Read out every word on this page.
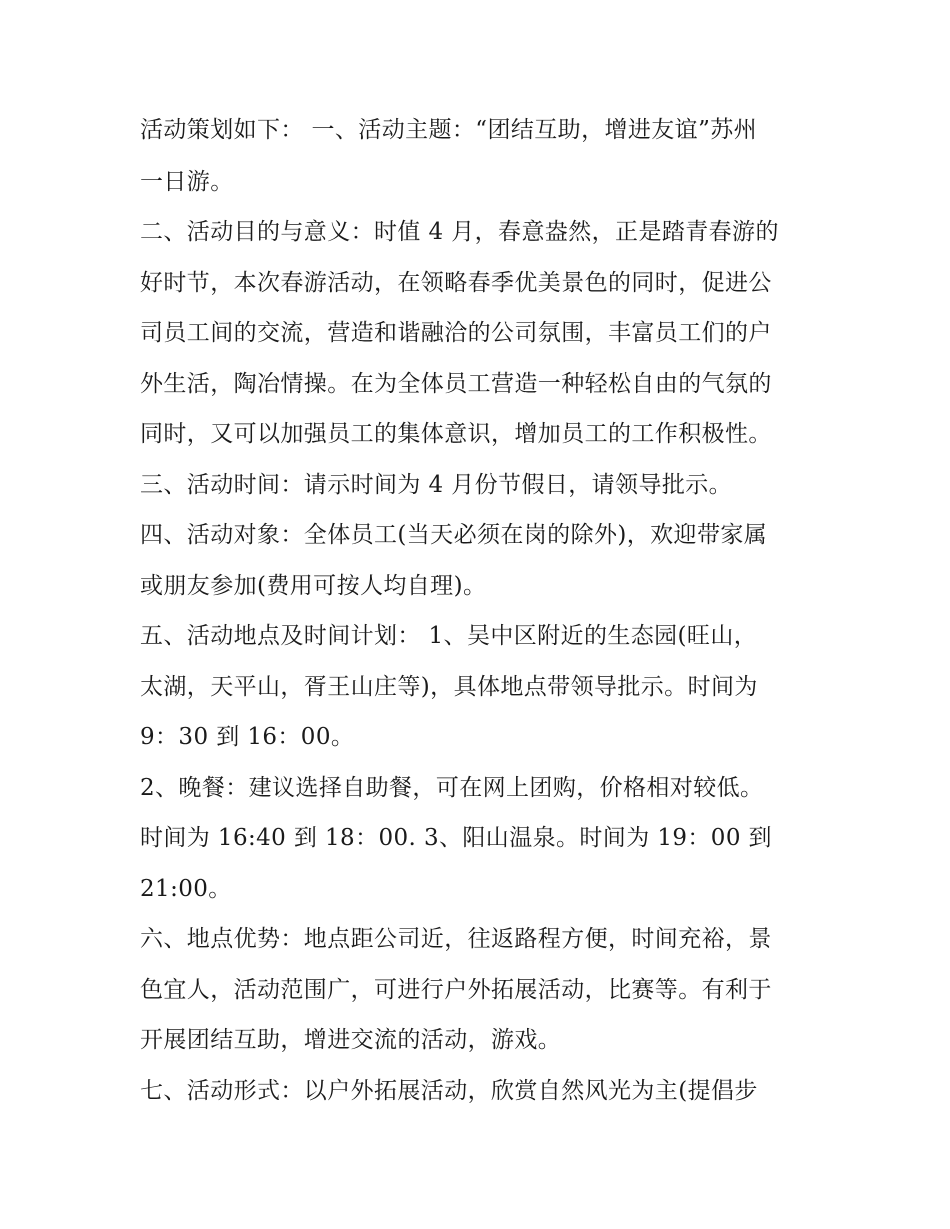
活动策划如下： 一、活动主题：“团结互助，增进友谊”苏州
一日游。
二、活动目的与意义：时值 4 月，春意盎然，正是踏青春游的
好时节，本次春游活动，在领略春季优美景色的同时，促进公
司员工间的交流，营造和谐融洽的公司氛围，丰富员工们的户
外生活，陶冶情操。在为全体员工营造一种轻松自由的气氛的
同时，又可以加强员工的集体意识，增加员工的工作积极性。
三、活动时间：请示时间为 4 月份节假日，请领导批示。
四、活动对象：全体员工(当天必须在岗的除外)，欢迎带家属
或朋友参加(费用可按人均自理)。
五、活动地点及时间计划： 1、吴中区附近的生态园(旺山，
太湖，天平山，胥王山庄等)，具体地点带领导批示。时间为
9：30 到 16：00。
2、晚餐：建议选择自助餐，可在网上团购，价格相对较低。
时间为 16:40 到 18：00. 3、阳山温泉。时间为 19：00 到
21:00。
六、地点优势：地点距公司近，往返路程方便，时间充裕，景
色宜人，活动范围广，可进行户外拓展活动，比赛等。有利于
开展团结互助，增进交流的活动，游戏。
七、活动形式：以户外拓展活动，欣赏自然风光为主(提倡步
